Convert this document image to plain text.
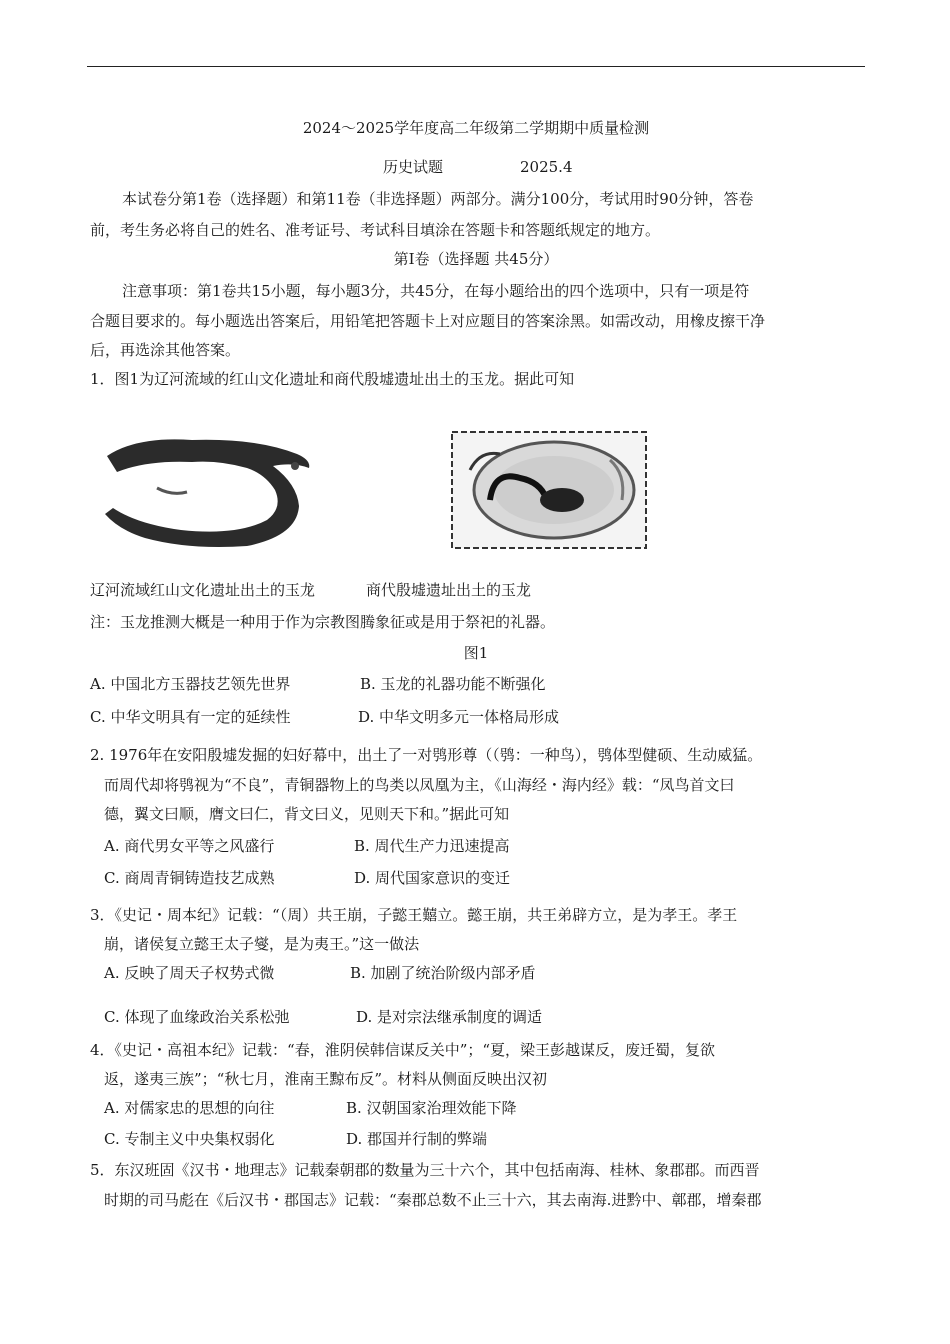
2024～2025学年度高二年级第二学期期中质量检测
历史试题	2025.4
本试卷分第1卷（选择题）和第11卷（非选择题）两部分。满分100分，考试用时90分钟，答卷
前，考生务必将自己的姓名、准考证号、考试科目填涂在答题卡和答题纸规定的地方。
第Ⅰ卷（选择题 共45分）
注意事项：第1卷共15小题，每小题3分，共45分，在每小题给出的四个选项中，只有一项是符
合题目要求的。每小题选出答案后，用铅笔把答题卡上对应题目的答案涂黑。如需改动，用橡皮擦干净
后，再选涂其他答案。
1．图1为辽河流域的红山文化遗址和商代殷墟遗址出土的玉龙。据此可知
辽河流域红山文化遗址出土的玉龙	商代殷墟遗址出土的玉龙
注：玉龙推测大概是一种用于作为宗教图腾象征或是用于祭祀的礼器。
图1
A. 中国北方玉器技艺领先世界	B. 玉龙的礼器功能不断强化
C. 中华文明具有一定的延续性	D. 中华文明多元一体格局形成
2. 1976年在安阳殷墟发掘的妇好幕中，出土了一对鸮形尊（（鸮：一种鸟），鸮体型健硕、生动威猛。
而周代却将鸮视为“不良”，青铜器物上的鸟类以凤凰为主，《山海经・海内经》载：“凤鸟首文曰
德，翼文曰顺，膺文曰仁，背文曰义，见则天下和。”据此可知
A. 商代男女平等之风盛行	B. 周代生产力迅速提高
C. 商周青铜铸造技艺成熟	D. 周代国家意识的变迁
3．《史记・周本纪》记载：“（周）共王崩，子懿王囏立。懿王崩，共王弟辟方立，是为孝王。孝王
崩，诸侯复立懿王太子燮，是为夷王。”这一做法
A. 反映了周天子权势式微	B. 加剧了统治阶级内部矛盾
C. 体现了血缘政治关系松弛	D. 是对宗法继承制度的调适
4．《史记・高祖本纪》记载：“春，淮阴侯韩信谋反关中”；“夏，梁王彭越谋反，废迁蜀，复欲
返，遂夷三族”；“秋七月，淮南王黥布反”。材料从侧面反映出汉初
A. 对儒家忠的思想的向往	B. 汉朝国家治理效能下降
C. 专制主义中央集权弱化	D. 郡国并行制的弊端
5．东汉班固《汉书・地理志》记载秦朝郡的数量为三十六个，其中包括南海、桂林、象郡郡。而西晋
时期的司马彪在《后汉书・郡国志》记载：“秦郡总数不止三十六，其去南海.进黔中、鄣郡，增秦郡
